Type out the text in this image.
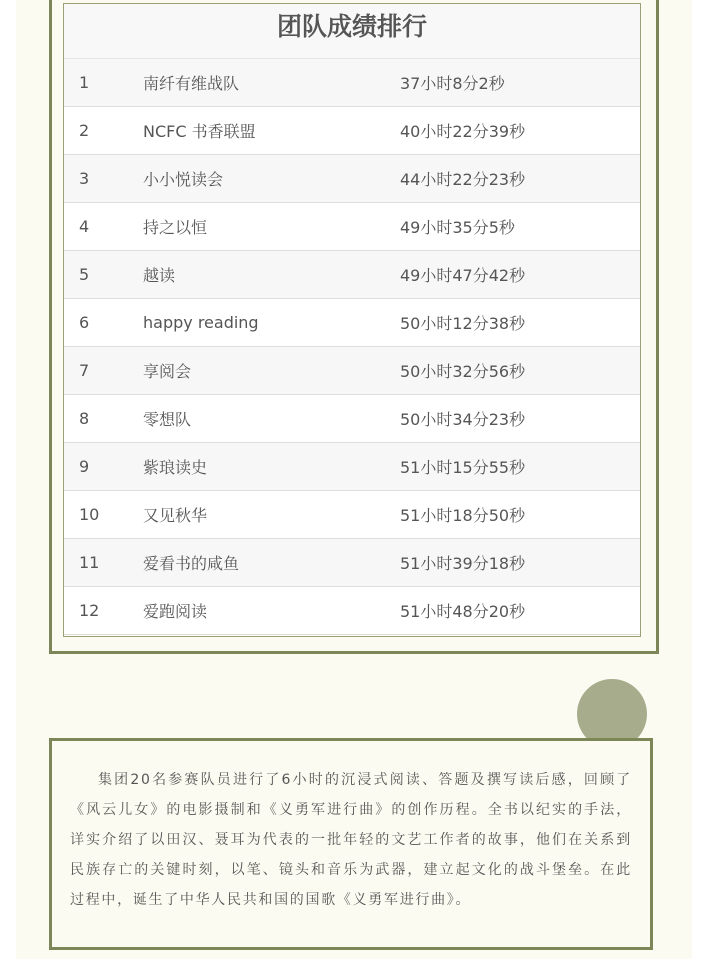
团队成绩排行
1	南纤有维战队	37小时8分2秒
2	NCFC 书香联盟	40小时22分39秒
3	小小悦读会	44小时22分23秒
4	持之以恒	49小时35分5秒
5	越读	49小时47分42秒
6	happy reading	50小时12分38秒
7	享阅会	50小时32分56秒
8	零想队	50小时34分23秒
9	紫琅读史	51小时15分55秒
10	又见秋华	51小时18分50秒
11	爱看书的咸鱼	51小时39分18秒
12	爱跑阅读	51小时48分20秒

集团20名参赛队员进行了6小时的沉浸式阅读、答题及撰写读后感，回顾了《风云儿女》的电影摄制和《义勇军进行曲》的创作历程。全书以纪实的手法，详实介绍了以田汉、聂耳为代表的一批年轻的文艺工作者的故事，他们在关系到民族存亡的关键时刻，以笔、镜头和音乐为武器，建立起文化的战斗堡垒。在此过程中，诞生了中华人民共和国的国歌《义勇军进行曲》。
